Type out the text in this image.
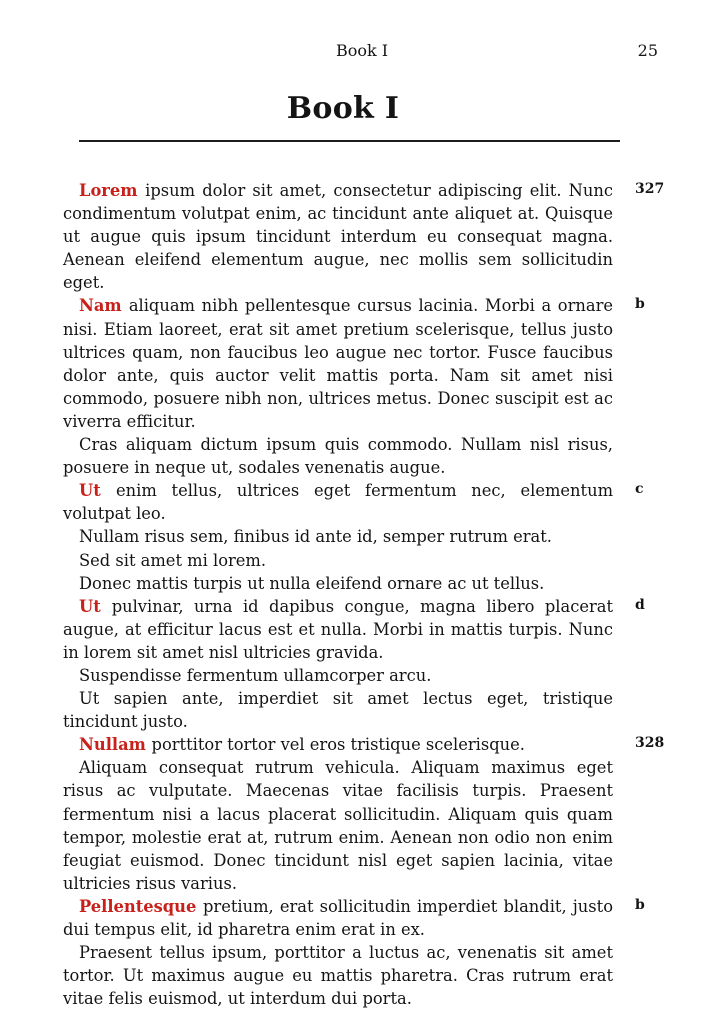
Book I	25
Book I

Lorem ipsum dolor sit amet, consectetur adipiscing elit. Nunc condimentum volutpat enim, ac tincidunt ante aliquet at. Quisque ut augue quis ipsum tincidunt interdum eu consequat magna. Aenean eleifend elementum augue, nec mollis sem sollicitudin eget.
327

Nam aliquam nibh pellentesque cursus lacinia. Morbi a ornare nisi. Etiam laoreet, erat sit amet pretium scelerisque, tellus justo ultrices quam, non faucibus leo augue nec tortor. Fusce faucibus dolor ante, quis auctor velit mattis porta. Nam sit amet nisi commodo, posuere nibh non, ultrices metus. Donec suscipit est ac viverra efficitur.
b

Cras aliquam dictum ipsum quis commodo. Nullam nisl risus, posuere in neque ut, sodales venenatis augue.

Ut enim tellus, ultrices eget fermentum nec, elementum volutpat leo.
c

Nullam risus sem, finibus id ante id, semper rutrum erat.

Sed sit amet mi lorem.

Donec mattis turpis ut nulla eleifend ornare ac ut tellus.

Ut pulvinar, urna id dapibus congue, magna libero placerat augue, at efficitur lacus est et nulla. Morbi in mattis turpis. Nunc in lorem sit amet nisl ultricies gravida.
d

Suspendisse fermentum ullamcorper arcu.

Ut sapien ante, imperdiet sit amet lectus eget, tristique tincidunt justo.

Nullam porttitor tortor vel eros tristique scelerisque.	328

Aliquam consequat rutrum vehicula. Aliquam maximus eget risus ac vulputate. Maecenas vitae facilisis turpis. Praesent fermentum nisi a lacus placerat sollicitudin. Aliquam quis quam tempor, molestie erat at, rutrum enim. Aenean non odio non enim feugiat euismod. Donec tincidunt nisl eget sapien lacinia, vitae ultricies risus varius.

Pellentesque pretium, erat sollicitudin imperdiet blandit, justo dui tempus elit, id pharetra enim erat in ex.
b

Praesent tellus ipsum, porttitor a luctus ac, venenatis sit amet tortor. Ut maximus augue eu mattis pharetra. Cras rutrum erat vitae felis euismod, ut interdum dui porta.
